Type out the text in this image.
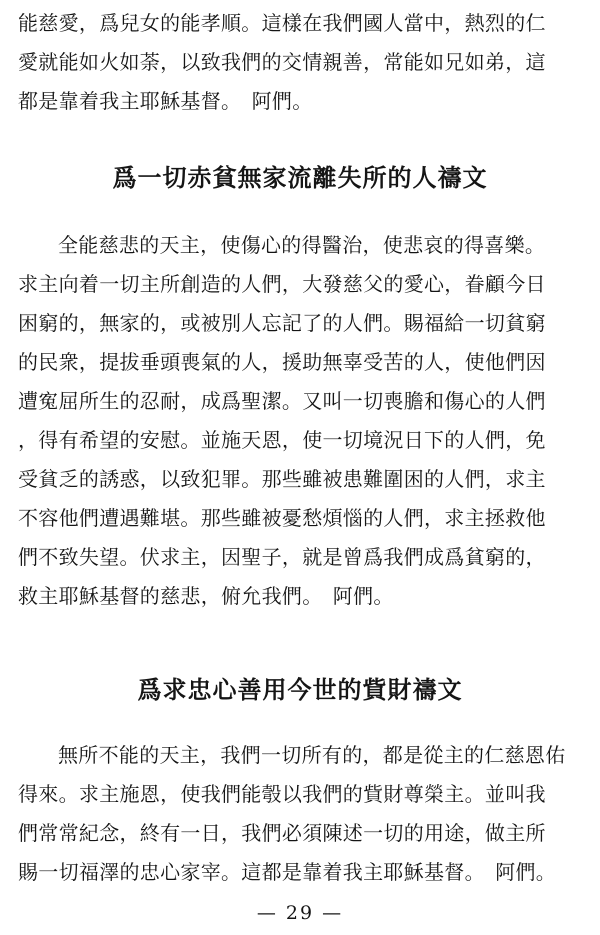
能慈愛，爲兒女的能孝順。這樣在我們國人當中，熱烈的仁
愛就能如火如荼，以致我們的交情親善，常能如兄如弟，這
都是靠着我主耶穌基督。　阿們。
爲一切赤貧無家流離失所的人禱文
全能慈悲的天主，使傷心的得醫治，使悲哀的得喜樂。
求主向着一切主所創造的人們，大發慈父的愛心，眷顧今日
困窮的，無家的，或被別人忘記了的人們。賜福給一切貧窮
的民衆，提拔垂頭喪氣的人，援助無辜受苦的人，使他們因
遭寃屈所生的忍耐，成爲聖潔。又叫一切喪膽和傷心的人們
，得有希望的安慰。並施天恩，使一切境況日下的人們，免
受貧乏的誘惑，以致犯罪。那些雖被患難圍困的人們，求主
不容他們遭遇難堪。那些雖被憂愁煩惱的人們，求主拯救他
們不致失望。伏求主，因聖子，就是曾爲我們成爲貧窮的，
救主耶穌基督的慈悲，俯允我們。　阿們。
爲求忠心善用今世的貲財禱文
無所不能的天主，我們一切所有的，都是從主的仁慈恩佑
得來。求主施恩，使我們能彀以我們的貲財尊榮主。並叫我
們常常紀念，終有一日，我們必須陳述一切的用途，做主所
賜一切福澤的忠心家宰。這都是靠着我主耶穌基督。　阿們。
— 29 —
